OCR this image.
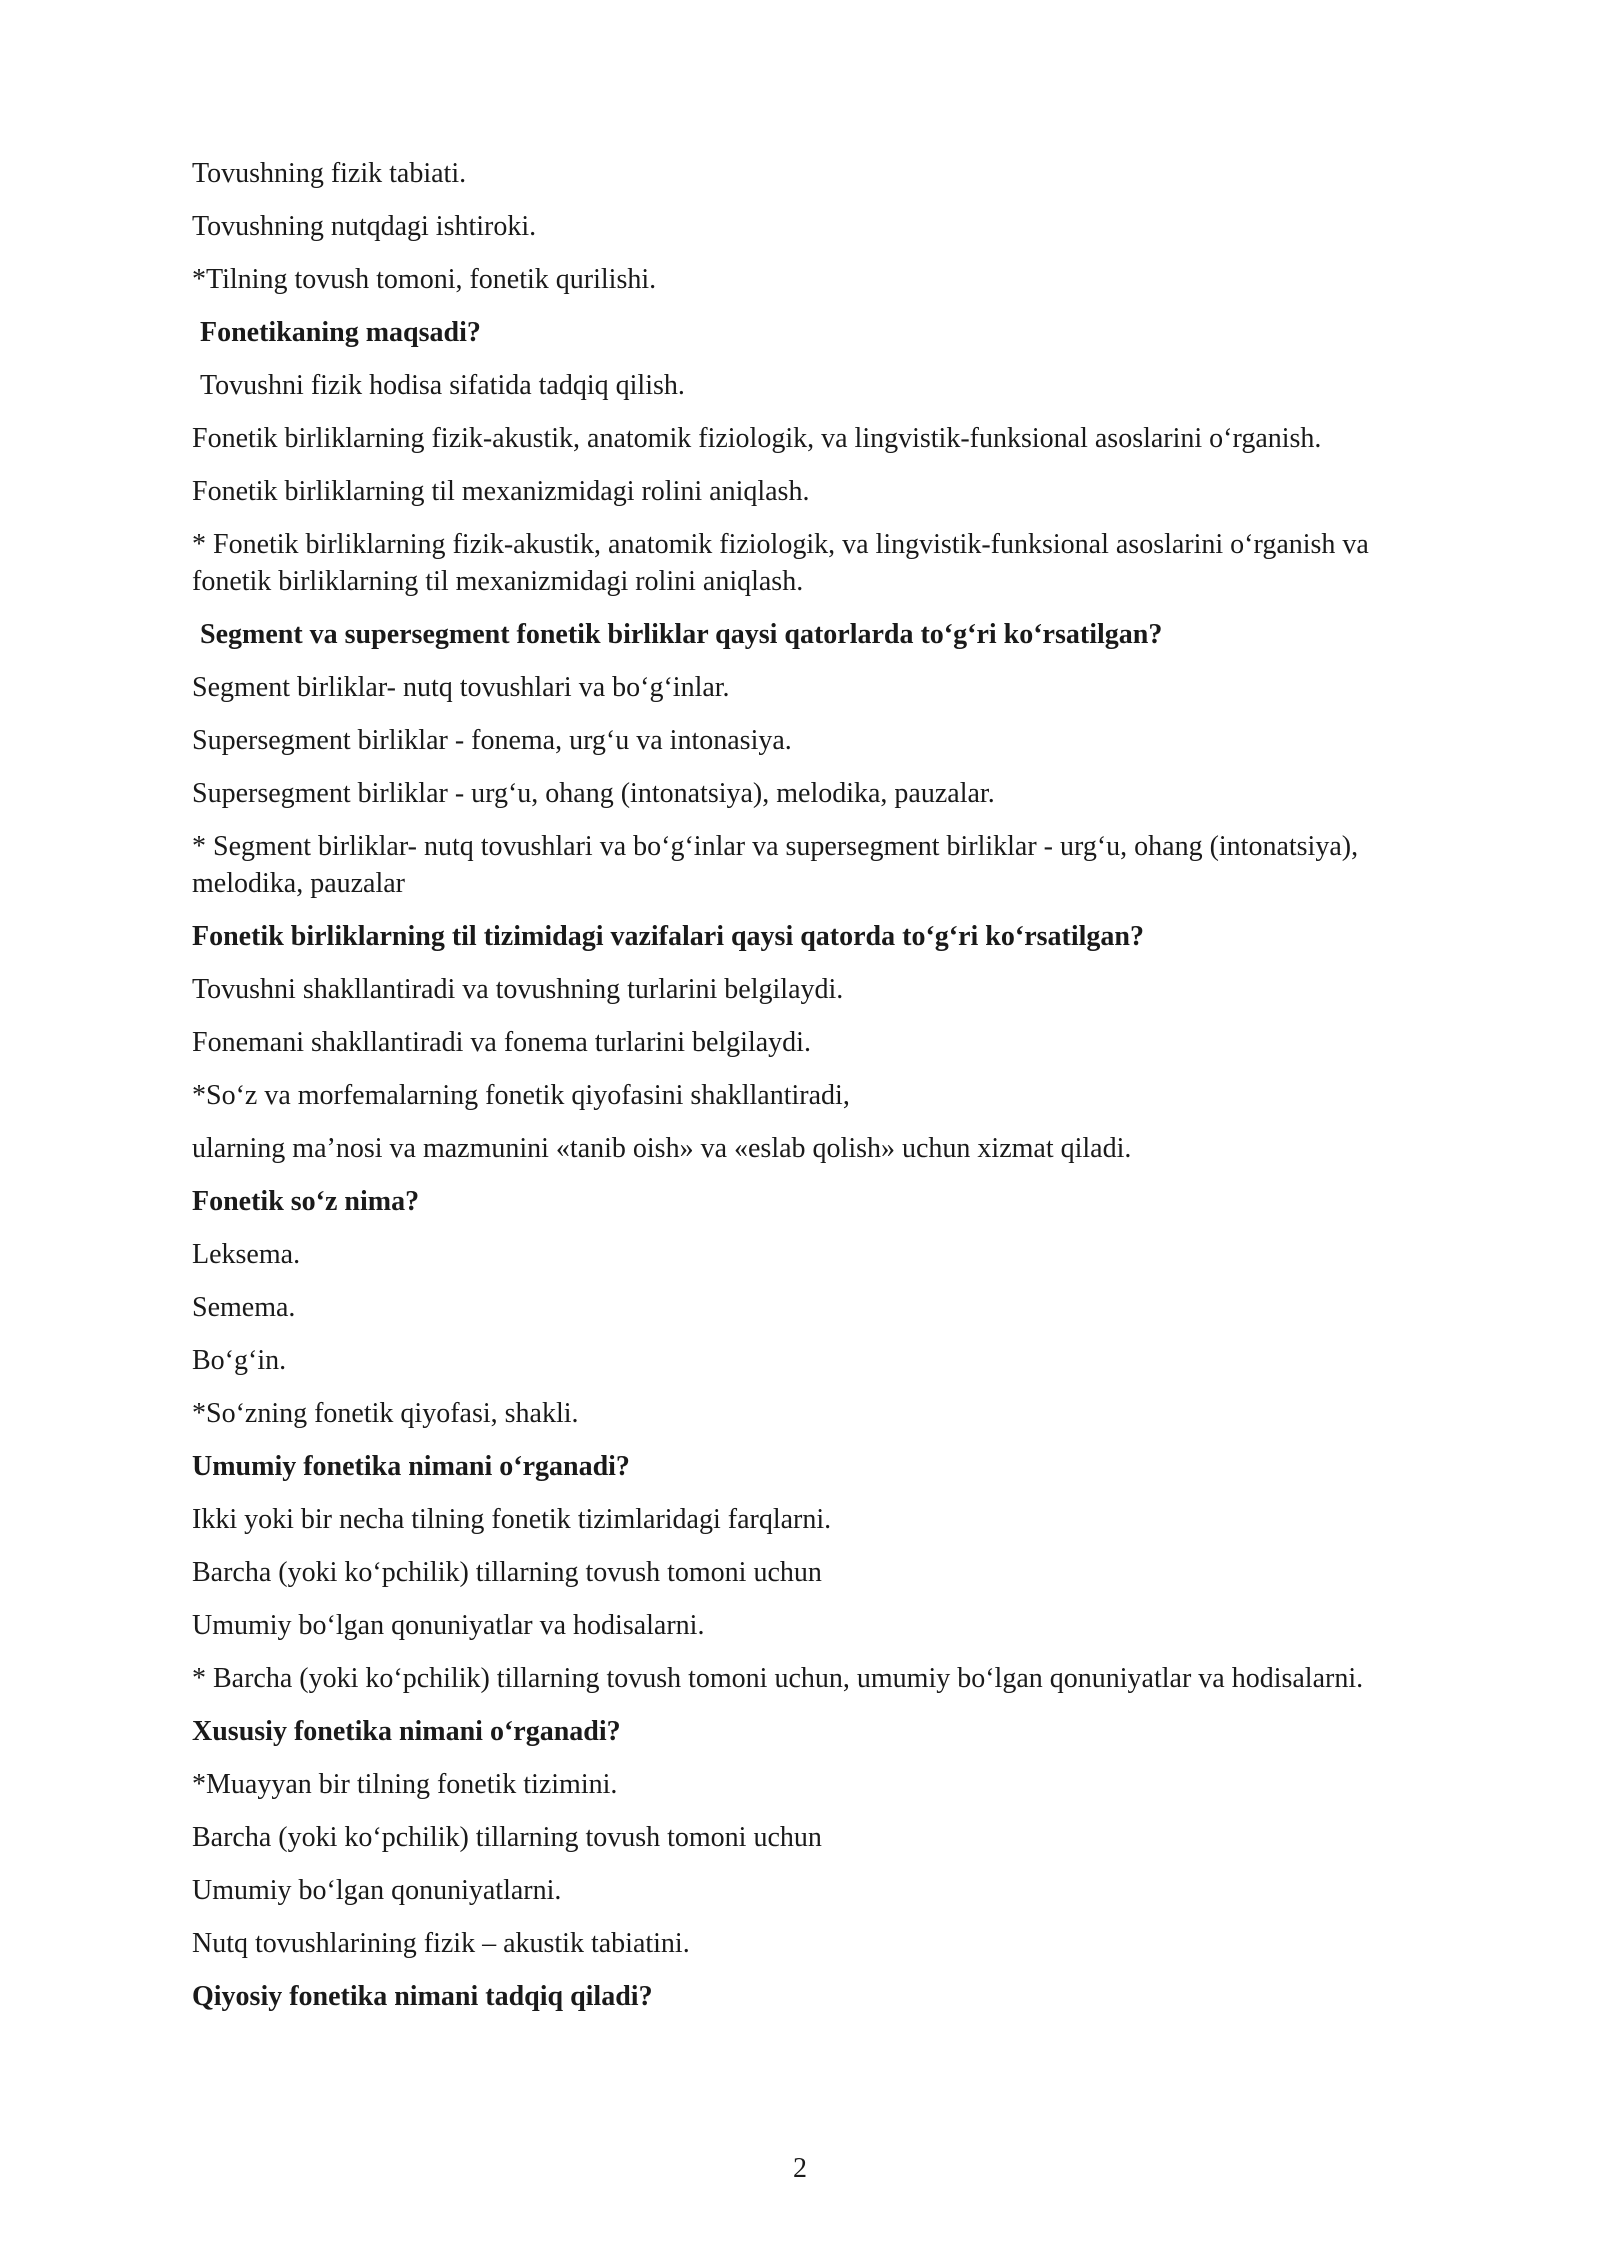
Tovushning fizik tabiati.

Tovushning nutqdagi ishtiroki.

*Tilning tovush tomoni, fonetik qurilishi.

Fonetikaning maqsadi?

Tovushni fizik hodisa sifatida tadqiq qilish.

Fonetik birliklarning fizik-akustik, anatomik fiziologik, va lingvistik-funksional asoslarini o‘rganish.

Fonetik birliklarning til mexanizmidagi rolini aniqlash.

* Fonetik birliklarning fizik-akustik, anatomik fiziologik, va lingvistik-funksional asoslarini o‘rganish va fonetik birliklarning til mexanizmidagi rolini aniqlash.

Segment va supersegment fonetik birliklar qaysi qatorlarda to‘g‘ri ko‘rsatilgan?

Segment birliklar- nutq tovushlari va bo‘g‘inlar.

Supersegment birliklar - fonema, urg‘u va intonasiya.

Supersegment birliklar - urg‘u, ohang (intonatsiya), melodika, pauzalar.

* Segment birliklar- nutq tovushlari va bo‘g‘inlar va supersegment birliklar - urg‘u, ohang (intonatsiya), melodika, pauzalar

Fonetik birliklarning til tizimidagi vazifalari qaysi qatorda to‘g‘ri ko‘rsatilgan?

Tovushni shakllantiradi va tovushning turlarini belgilaydi.

Fonemani shakllantiradi va fonema turlarini belgilaydi.

*So‘z va morfemalarning fonetik qiyofasini shakllantiradi,

ularning ma’nosi va mazmunini «tanib oish» va «eslab qolish» uchun xizmat qiladi.

Fonetik so‘z nima?

Leksema.

Semema.

Bo‘g‘in.

*So‘zning fonetik qiyofasi, shakli.

Umumiy fonetika nimani o‘rganadi?

Ikki yoki bir necha tilning fonetik tizimlaridagi farqlarni.

Barcha (yoki ko‘pchilik) tillarning tovush tomoni uchun

Umumiy bo‘lgan qonuniyatlar va hodisalarni.

* Barcha (yoki ko‘pchilik) tillarning tovush tomoni uchun, umumiy bo‘lgan qonuniyatlar va hodisalarni.

Xususiy fonetika nimani o‘rganadi?

*Muayyan bir tilning fonetik tizimini.

Barcha (yoki ko‘pchilik) tillarning tovush tomoni uchun

Umumiy bo‘lgan qonuniyatlarni.

Nutq tovushlarining fizik – akustik tabiatini.

Qiyosiy fonetika nimani tadqiq qiladi?

2
